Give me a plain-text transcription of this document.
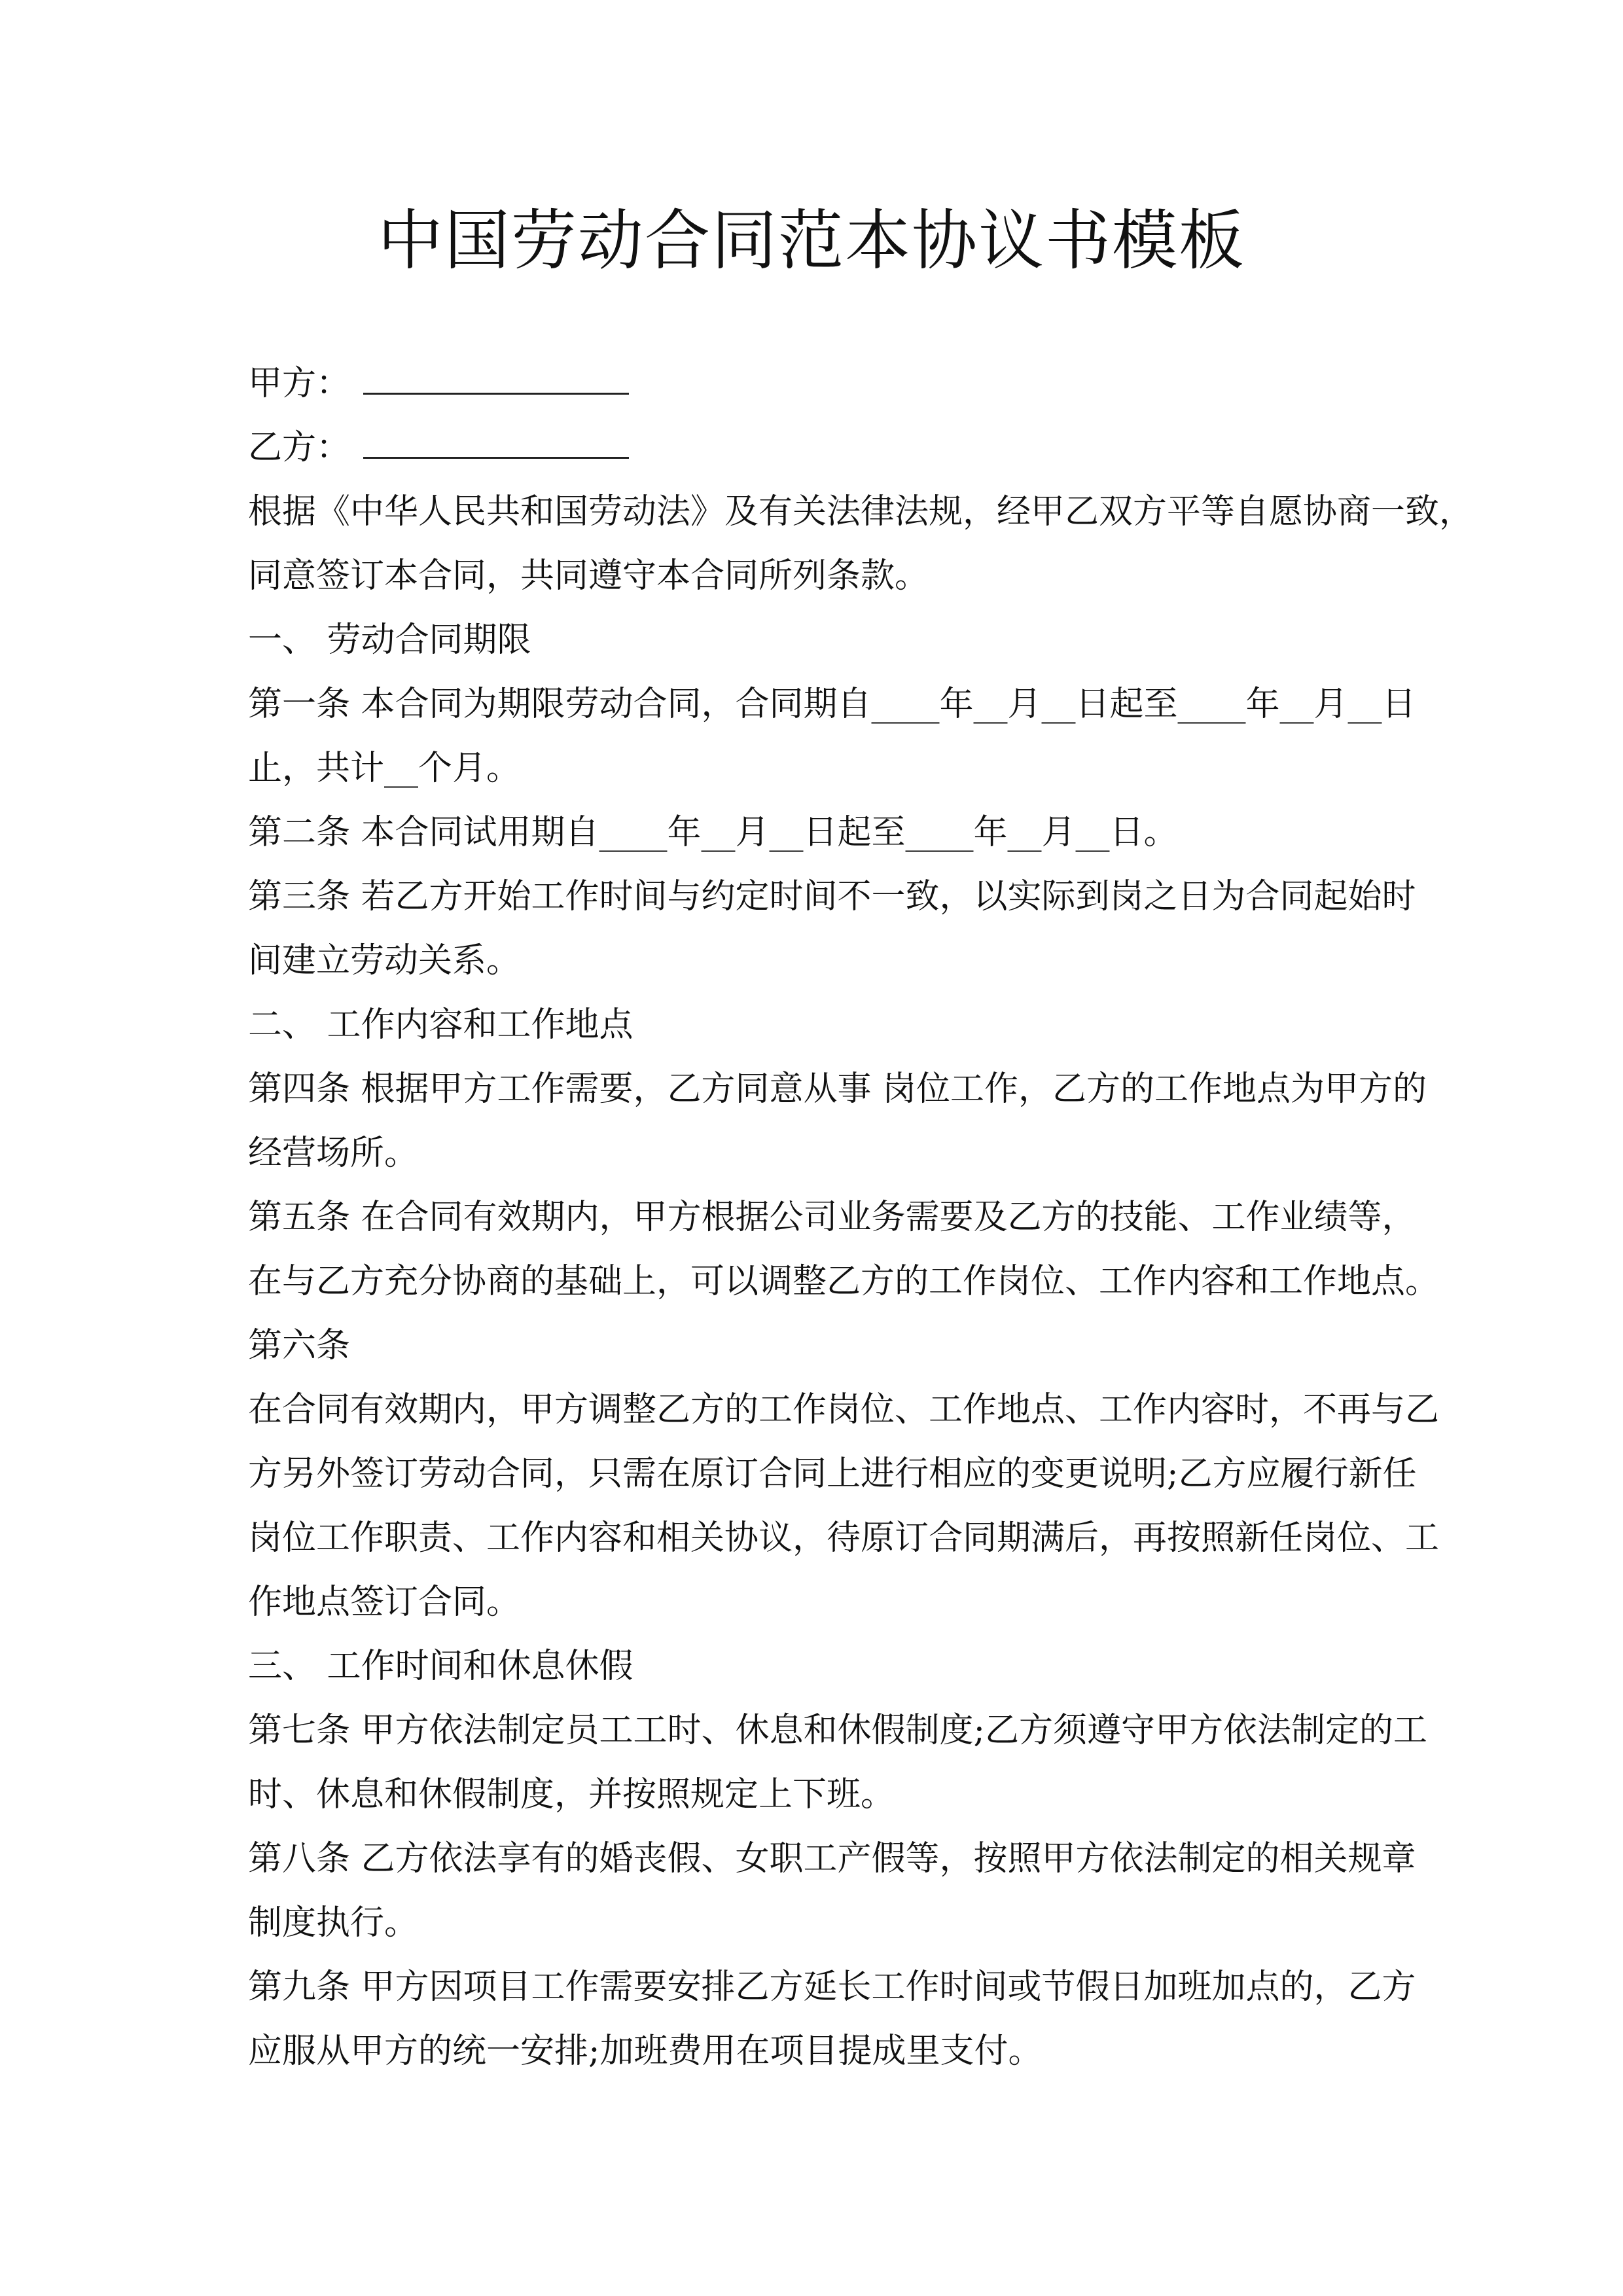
中国劳动合同范本协议书模板
甲方：
乙方：
根据《中华人民共和国劳动法》及有关法律法规，经甲乙双方平等自愿协商一致，
同意签订本合同，共同遵守本合同所列条款。
一、 劳动合同期限
第一条 本合同为期限劳动合同，合同期自____年__月__日起至____年__月__日
止，共计__个月。
第二条 本合同试用期自____年__月__日起至____年__月__日。
第三条 若乙方开始工作时间与约定时间不一致，以实际到岗之日为合同起始时
间建立劳动关系。
二、 工作内容和工作地点
第四条 根据甲方工作需要，乙方同意从事 岗位工作，乙方的工作地点为甲方的
经营场所。
第五条 在合同有效期内，甲方根据公司业务需要及乙方的技能、工作业绩等，
在与乙方充分协商的基础上，可以调整乙方的工作岗位、工作内容和工作地点。
第六条
在合同有效期内，甲方调整乙方的工作岗位、工作地点、工作内容时，不再与乙
方另外签订劳动合同，只需在原订合同上进行相应的变更说明;乙方应履行新任
岗位工作职责、工作内容和相关协议，待原订合同期满后，再按照新任岗位、工
作地点签订合同。
三、 工作时间和休息休假
第七条 甲方依法制定员工工时、休息和休假制度;乙方须遵守甲方依法制定的工
时、休息和休假制度，并按照规定上下班。
第八条 乙方依法享有的婚丧假、女职工产假等，按照甲方依法制定的相关规章
制度执行。
第九条 甲方因项目工作需要安排乙方延长工作时间或节假日加班加点的，乙方
应服从甲方的统一安排;加班费用在项目提成里支付。
